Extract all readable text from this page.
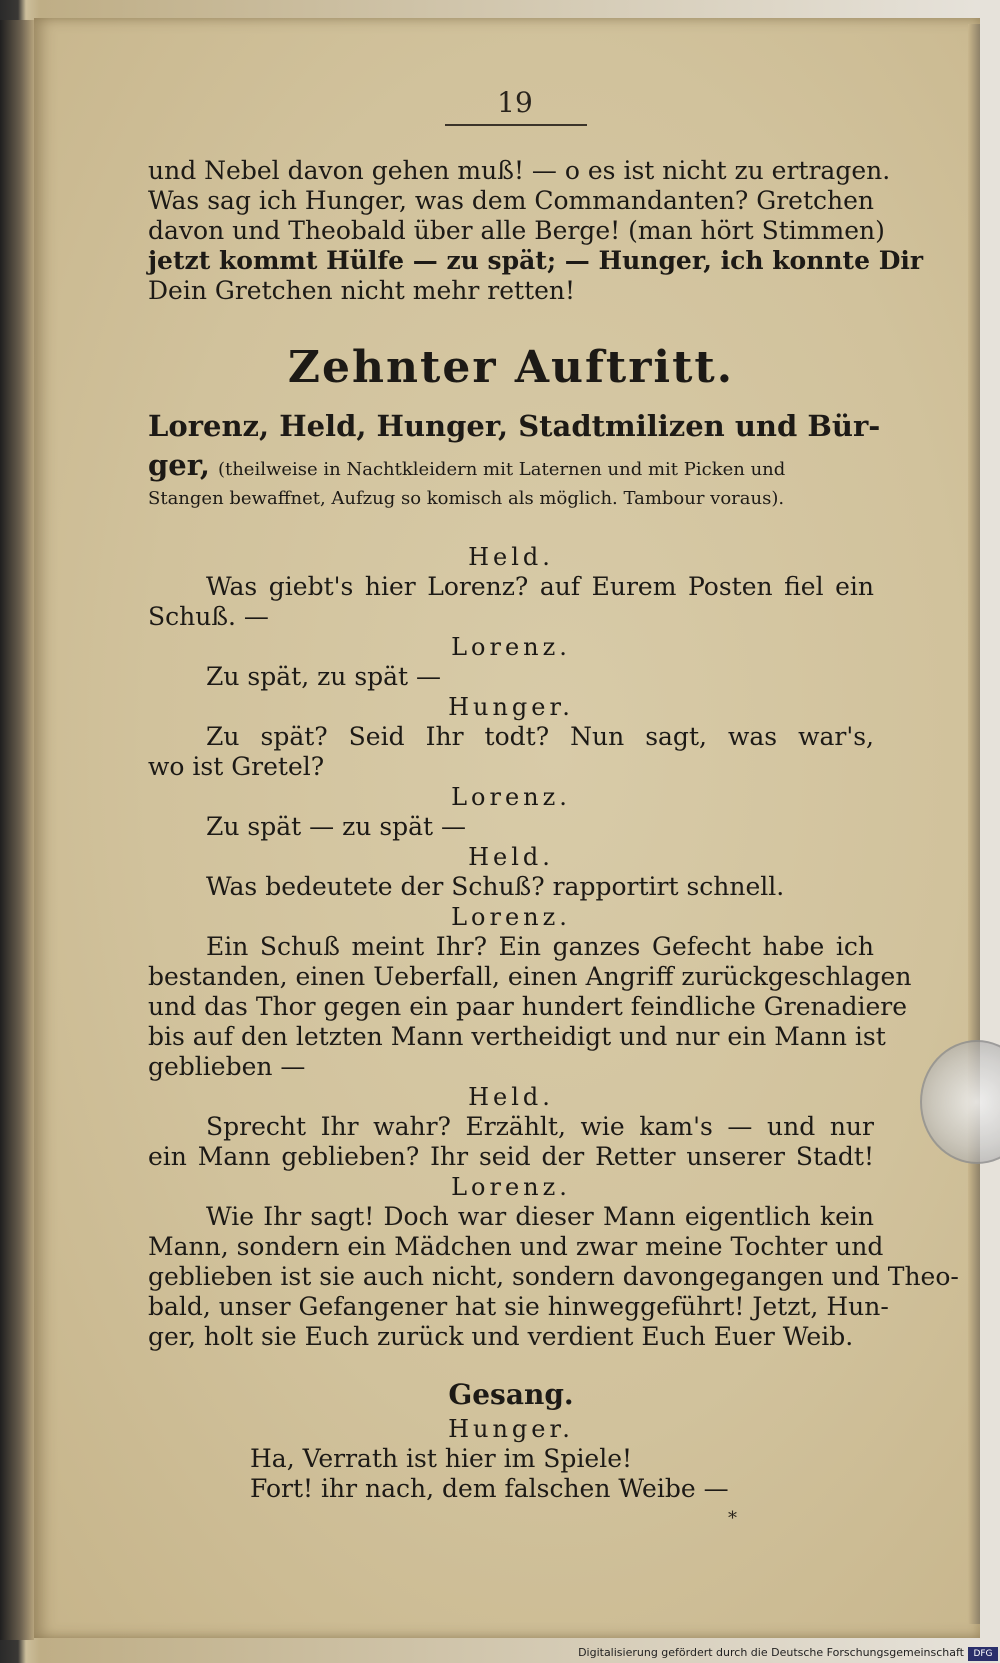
19
und Nebel davon gehen muß! — o es ist nicht zu ertragen.
Was sag ich Hunger, was dem Commandanten? Gretchen
davon und Theobald über alle Berge! (man hört Stimmen)
jetzt kommt Hülfe — zu spät; — Hunger, ich konnte Dir
Dein Gretchen nicht mehr retten!
Zehnter Auftritt.
Lorenz, Held, Hunger, Stadtmilizen und Bür-
ger, (theilweise in Nachtkleidern mit Laternen und mit Picken und
Stangen bewaffnet, Aufzug so komisch als möglich. Tambour voraus).
Held.
Was giebt's hier Lorenz? auf Eurem Posten fiel ein
Schuß. —
Lorenz.
Zu spät, zu spät —
Hunger.
Zu spät? Seid Ihr todt? Nun sagt, was war's,
wo ist Gretel?
Lorenz.
Zu spät — zu spät —
Held.
Was bedeutete der Schuß? rapportirt schnell.
Lorenz.
Ein Schuß meint Ihr? Ein ganzes Gefecht habe ich
bestanden, einen Ueberfall, einen Angriff zurückgeschlagen
und das Thor gegen ein paar hundert feindliche Grenadiere
bis auf den letzten Mann vertheidigt und nur ein Mann ist
geblieben —
Held.
Sprecht Ihr wahr? Erzählt, wie kam's — und nur
ein Mann geblieben? Ihr seid der Retter unserer Stadt!
Lorenz.
Wie Ihr sagt! Doch war dieser Mann eigentlich kein
Mann, sondern ein Mädchen und zwar meine Tochter und
geblieben ist sie auch nicht, sondern davongegangen und Theo-
bald, unser Gefangener hat sie hinweggeführt! Jetzt, Hun-
ger, holt sie Euch zurück und verdient Euch Euer Weib.
Gesang.
Hunger.
Ha, Verrath ist hier im Spiele!
Fort! ihr nach, dem falschen Weibe —
*
Digitalisierung gefördert durch die Deutsche Forschungsgemeinschaft	DFG
